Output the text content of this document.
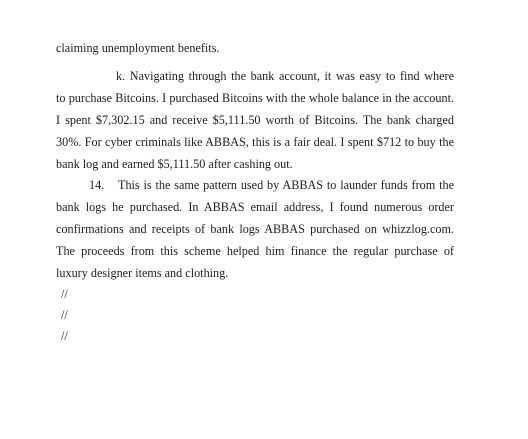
claiming unemployment benefits.
k. Navigating through the bank account, it was easy to find where
to purchase Bitcoins. I purchased Bitcoins with the whole balance in the account.
I spent $7,302.15 and receive $5,111.50 worth of Bitcoins. The bank charged
30%. For cyber criminals like ABBAS, this is a fair deal. I spent $712 to buy the
bank log and earned $5,111.50 after cashing out.
14.	This is the same pattern used by ABBAS to launder funds from the
bank logs he purchased. In ABBAS email address, I found numerous order
confirmations and receipts of bank logs ABBAS purchased on whizzlog.com.
The proceeds from this scheme helped him finance the regular purchase of
luxury designer items and clothing.
//
//
//
